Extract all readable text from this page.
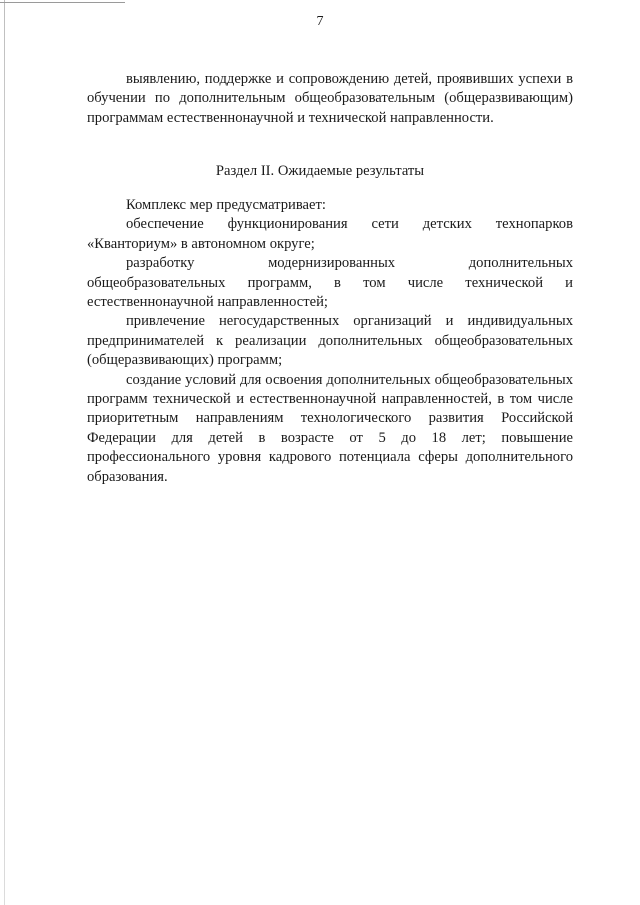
7

выявлению, поддержке и сопровождению детей, проявивших успехи в обучении по дополнительным общеобразовательным (общеразвивающим) программам естественнонаучной и технической направленности.

Раздел II. Ожидаемые результаты

Комплекс мер предусматривает:

обеспечение функционирования сети детских технопарков «Кванториум» в автономном округе;

разработку модернизированных дополнительных общеобразовательных программ, в том числе технической и естественнонаучной направленностей;

привлечение негосударственных организаций и индивидуальных предпринимателей к реализации дополнительных общеобразовательных (общеразвивающих) программ;

создание условий для освоения дополнительных общеобразовательных программ технической и естественнонаучной направленностей, в том числе приоритетным направлениям технологического развития Российской Федерации для детей в возрасте от 5 до 18 лет; повышение профессионального уровня кадрового потенциала сферы дополнительного образования.
